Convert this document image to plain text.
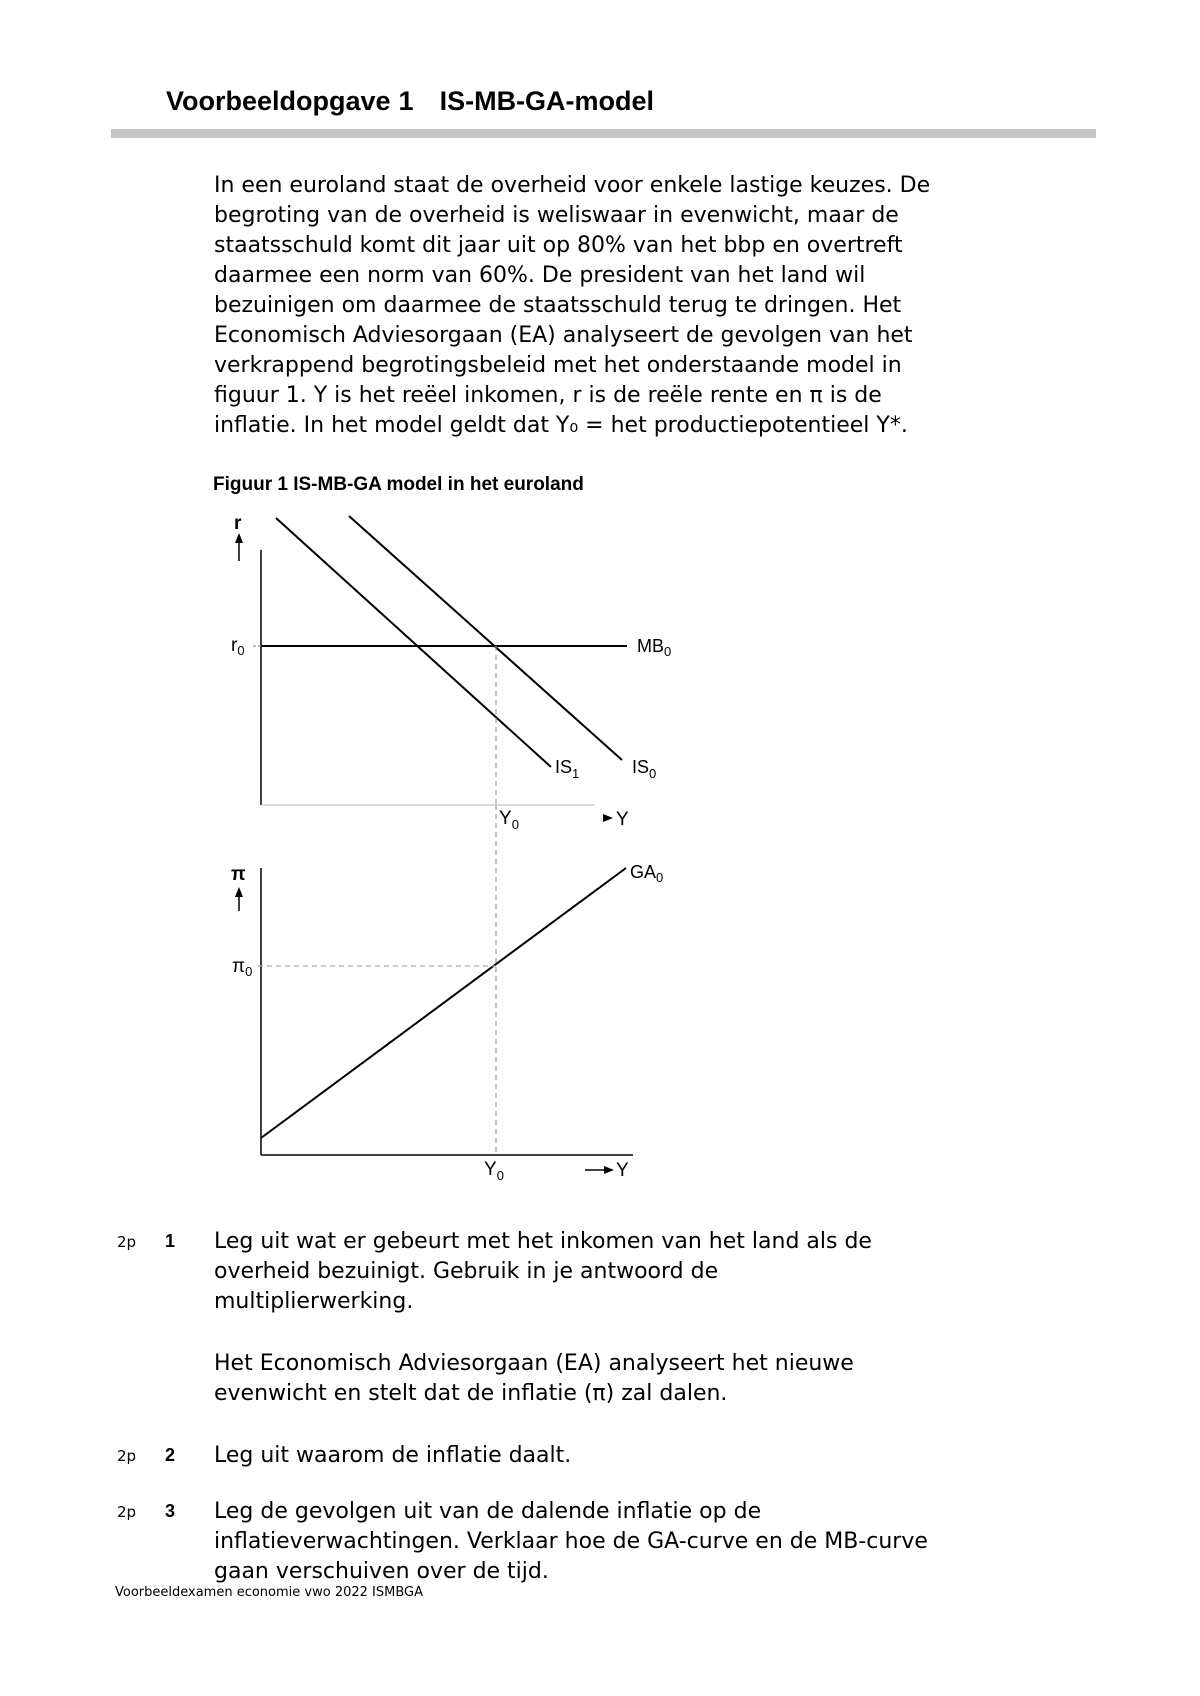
Voorbeeldopgave 1 IS-MB-GA-model

In een euroland staat de overheid voor enkele lastige keuzes. De

begroting van de overheid is weliswaar in evenwicht, maar de

staatsschuld komt dit jaar uit op 80% van het bbp en overtreft

daarmee een norm van 60%. De president van het land wil

bezuinigen om daarmee de staatsschuld terug te dringen. Het

Economisch Adviesorgaan (EA) analyseert de gevolgen van het

verkrappend begrotingsbeleid met het onderstaande model in

figuur 1. Y is het reëel inkomen, r is de reële rente en π is de

inflatie. In het model geldt dat Y₀ = het productiepotentieel Y*.

Figuur 1 IS-MB-GA model in het euroland
r
$r_0$	$MB_0$
$IS_1$	$IS_0$
$Y_0$	Y
π
$\pi_0$
$GA_0$
$Y_0$	Y
2p 1 Leg uit wat er gebeurt met het inkomen van het land als de

overheid bezuinigt. Gebruik in je antwoord de

multiplierwerking.

Het Economisch Adviesorgaan (EA) analyseert het nieuwe

evenwicht en stelt dat de inflatie (π) zal dalen.

2p 2 Leg uit waarom de inflatie daalt.

2p 3 Leg de gevolgen uit van de dalende inflatie op de

inflatieverwachtingen. Verklaar hoe de GA-curve en de MB-curve

gaan verschuiven over de tijd.

Voorbeeldexamen economie vwo 2022 ISMBGA
